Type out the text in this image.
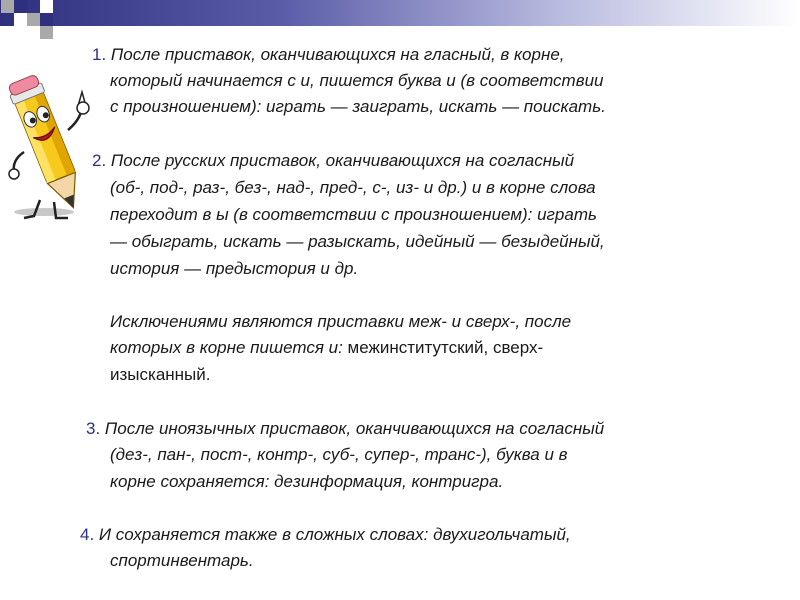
1. После приставок, оканчивающихся на гласный, в корне,
который начинается с и, пишется буква и (в соответствии
с произношением): играть — заиграть, искать — поискать.
2. После русских приставок, оканчивающихся на согласный
(об-, под-, раз-, без-, над-, пред-, с-, из- и др.) и в корне слова
переходит в ы (в соответствии с произношением): играть
— обыграть, искать — разыскать, идейный — безыдейный,
история — предыстория и др.
Исключениями являются приставки меж- и сверх-, после
которых в корне пишется и: межинститутский, сверх-
изысканный.
3. После иноязычных приставок, оканчивающихся на согласный
(дез-, пан-, пост-, контр-, суб-, супер-, транс-), буква и в
корне сохраняется: дезинформация, контригра.
4. И сохраняется также в сложных словах: двухигольчатый,
спортинвентарь.
